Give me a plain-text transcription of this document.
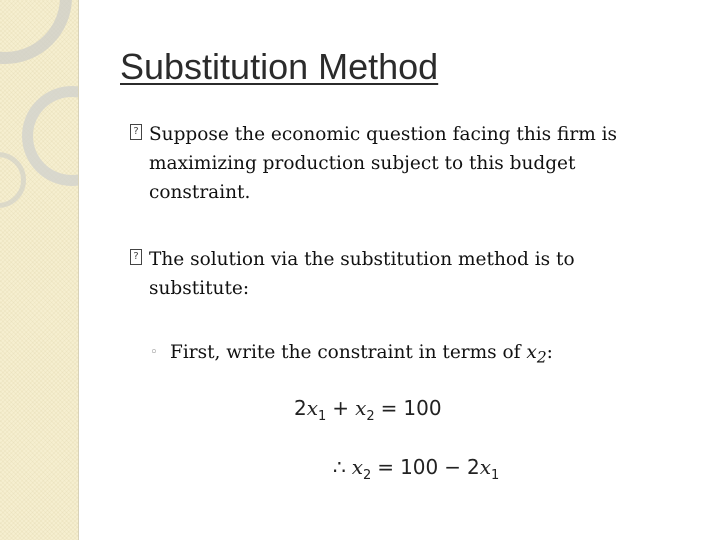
Substitution Method
? Suppose the economic question facing this firm is maximizing production subject to this budget constraint.
? The solution via the substitution method is to substitute:
◦ First, write the constraint in terms of $x_2$:
$2x_1 + x_2 = 100$
∴ $x_2 = 100 - 2x_1$
